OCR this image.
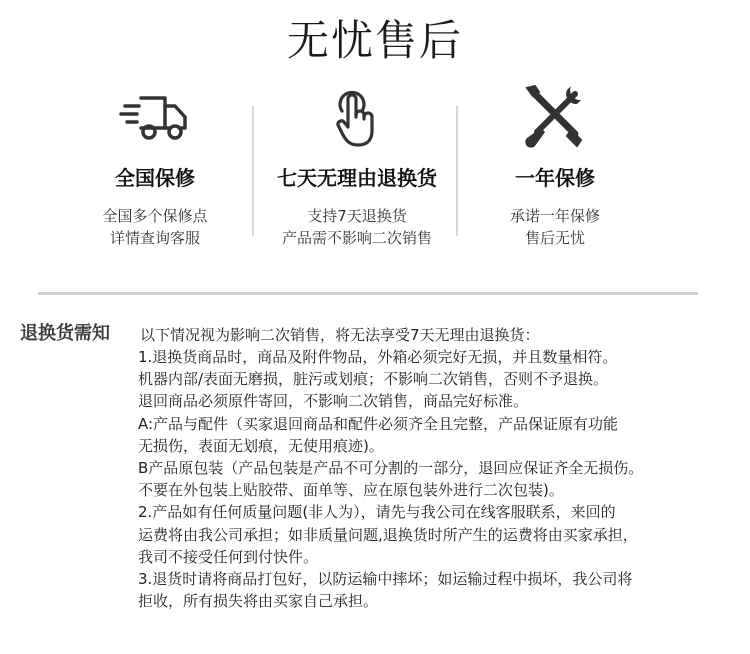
无忧售后
全国保修
全国多个保修点
详情查询客服
七天无理由退换货
支持7天退换货
产品需不影响二次销售
一年保修
承诺一年保修
售后无忧
退换货需知 以下情况视为影响二次销售，将无法享受7天无理由退换货：
1.退换货商品时，商品及附件物品，外箱必须完好无损，并且数量相符。
机器内部/表面无磨损，脏污或划痕；不影响二次销售，否则不予退换。
退回商品必须原件寄回，不影响二次销售，商品完好标准。
A:产品与配件（买家退回商品和配件必须齐全且完整，产品保证原有功能
无损伤，表面无划痕，无使用痕迹)。
B产品原包装（产品包装是产品不可分割的一部分，退回应保证齐全无损伤。
不要在外包装上贴胶带、面单等、应在原包装外进行二次包装)。
2.产品如有任何质量问题(非人为），请先与我公司在线客服联系，来回的
运费将由我公司承担；如非质量问题,退换货时所产生的运费将由买家承担，
我司不接受任何到付快件。
3.退货时请将商品打包好，以防运输中摔坏；如运输过程中损坏，我公司将
拒收，所有损失将由买家自己承担。
